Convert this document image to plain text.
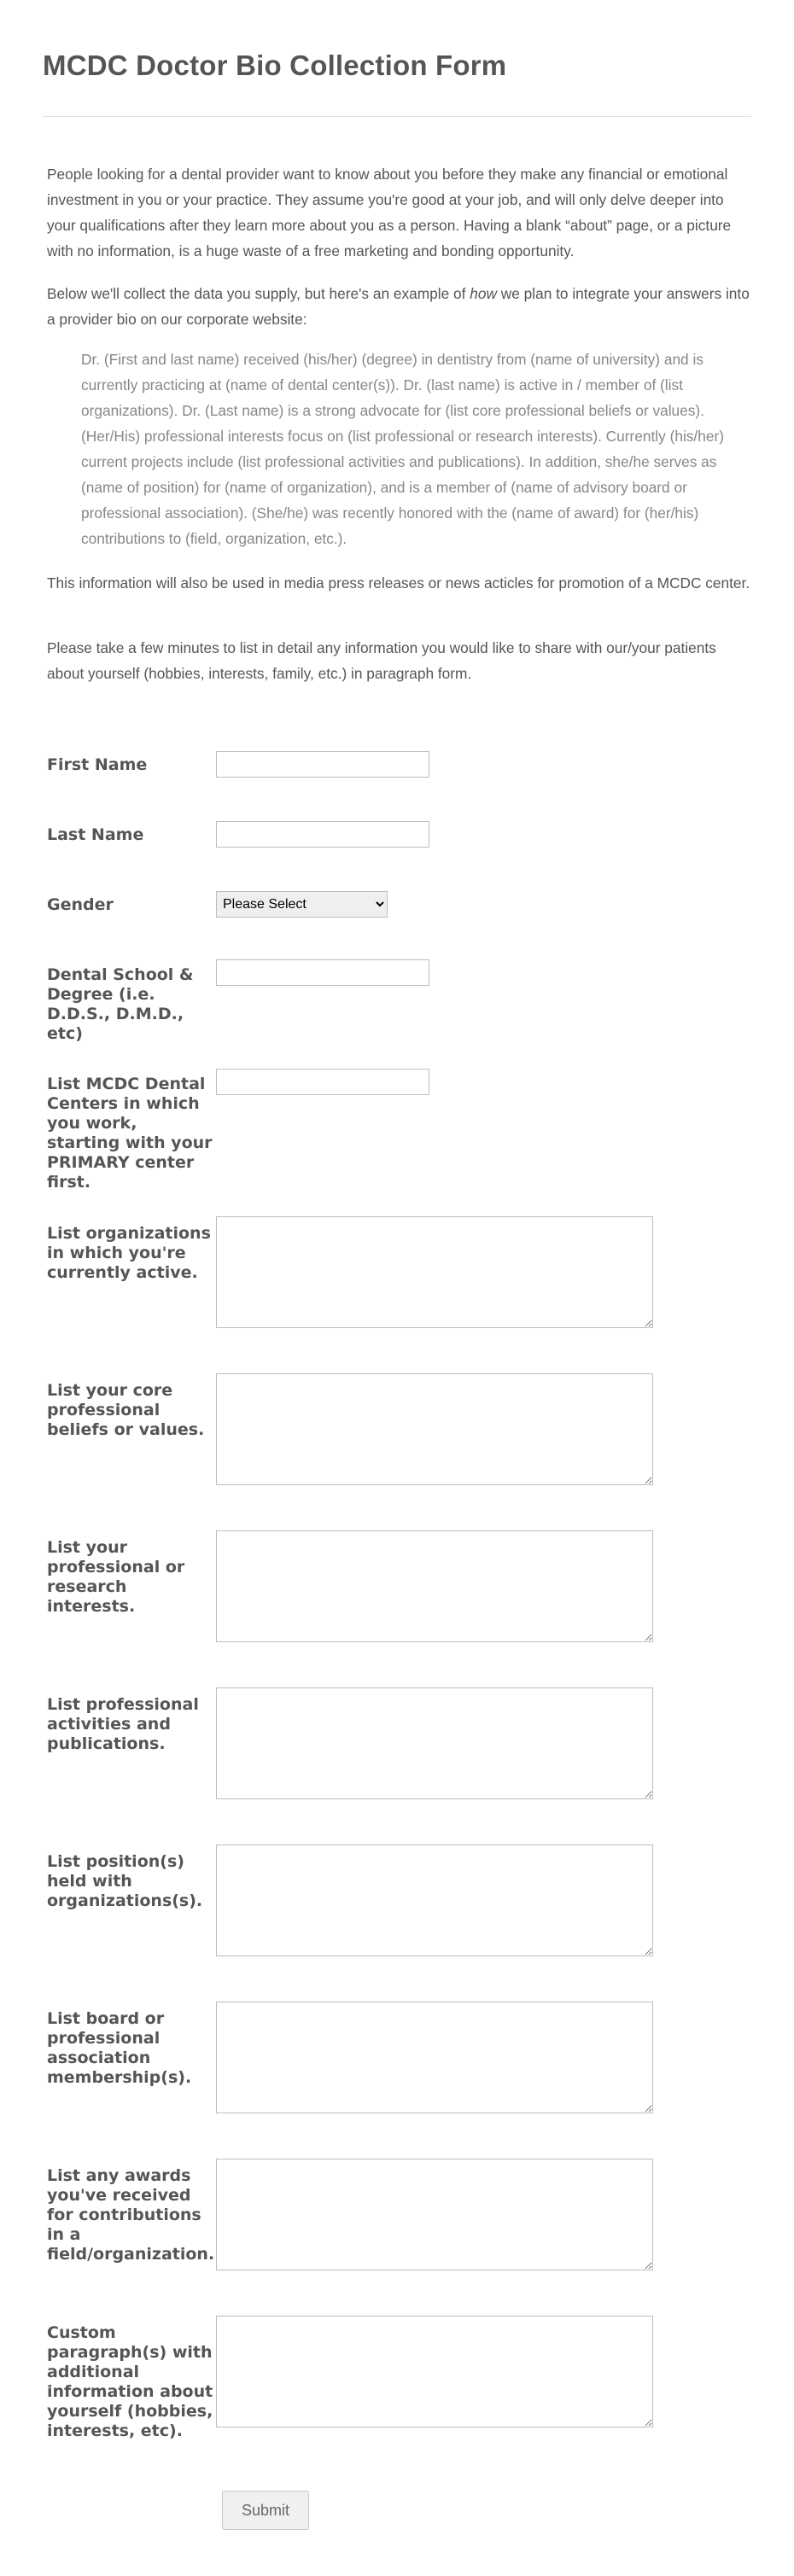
MCDC Doctor Bio Collection Form

People looking for a dental provider want to know about you before they make any financial or emotional investment in you or your practice. They assume you're good at your job, and will only delve deeper into your qualifications after they learn more about you as a person. Having a blank “about” page, or a picture with no information, is a huge waste of a free marketing and bonding opportunity.

Below we'll collect the data you supply, but here's an example of how we plan to integrate your answers into a provider bio on our corporate website:

Dr. (First and last name) received (his/her) (degree) in dentistry from (name of university) and is currently practicing at (name of dental center(s)). Dr. (last name) is active in / member of (list organizations). Dr. (Last name) is a strong advocate for (list core professional beliefs or values). (Her/His) professional interests focus on (list professional or research interests). Currently (his/her) current projects include (list professional activities and publications). In addition, she/he serves as (name of position) for (name of organization), and is a member of (name of advisory board or professional association). (She/he) was recently honored with the (name of award) for (her/his) contributions to (field, organization, etc.).

This information will also be used in media press releases or news acticles for promotion of a MCDC center.

Please take a few minutes to list in detail any information you would like to share with our/your patients about yourself (hobbies, interests, family, etc.) in paragraph form.

First Name
Last Name
Gender
Please Select
Dental School & Degree (i.e. D.D.S., D.M.D., etc)
List MCDC Dental Centers in which you work, starting with your PRIMARY center first.
List organizations in which you're currently active.
List your core professional beliefs or values.
List your professional or research interests.
List professional activities and publications.
List position(s) held with organizations(s).
List board or professional association membership(s).
List any awards you've received for contributions in a field/organization.
Custom paragraph(s) with additional information about yourself (hobbies, interests, etc).
Submit
